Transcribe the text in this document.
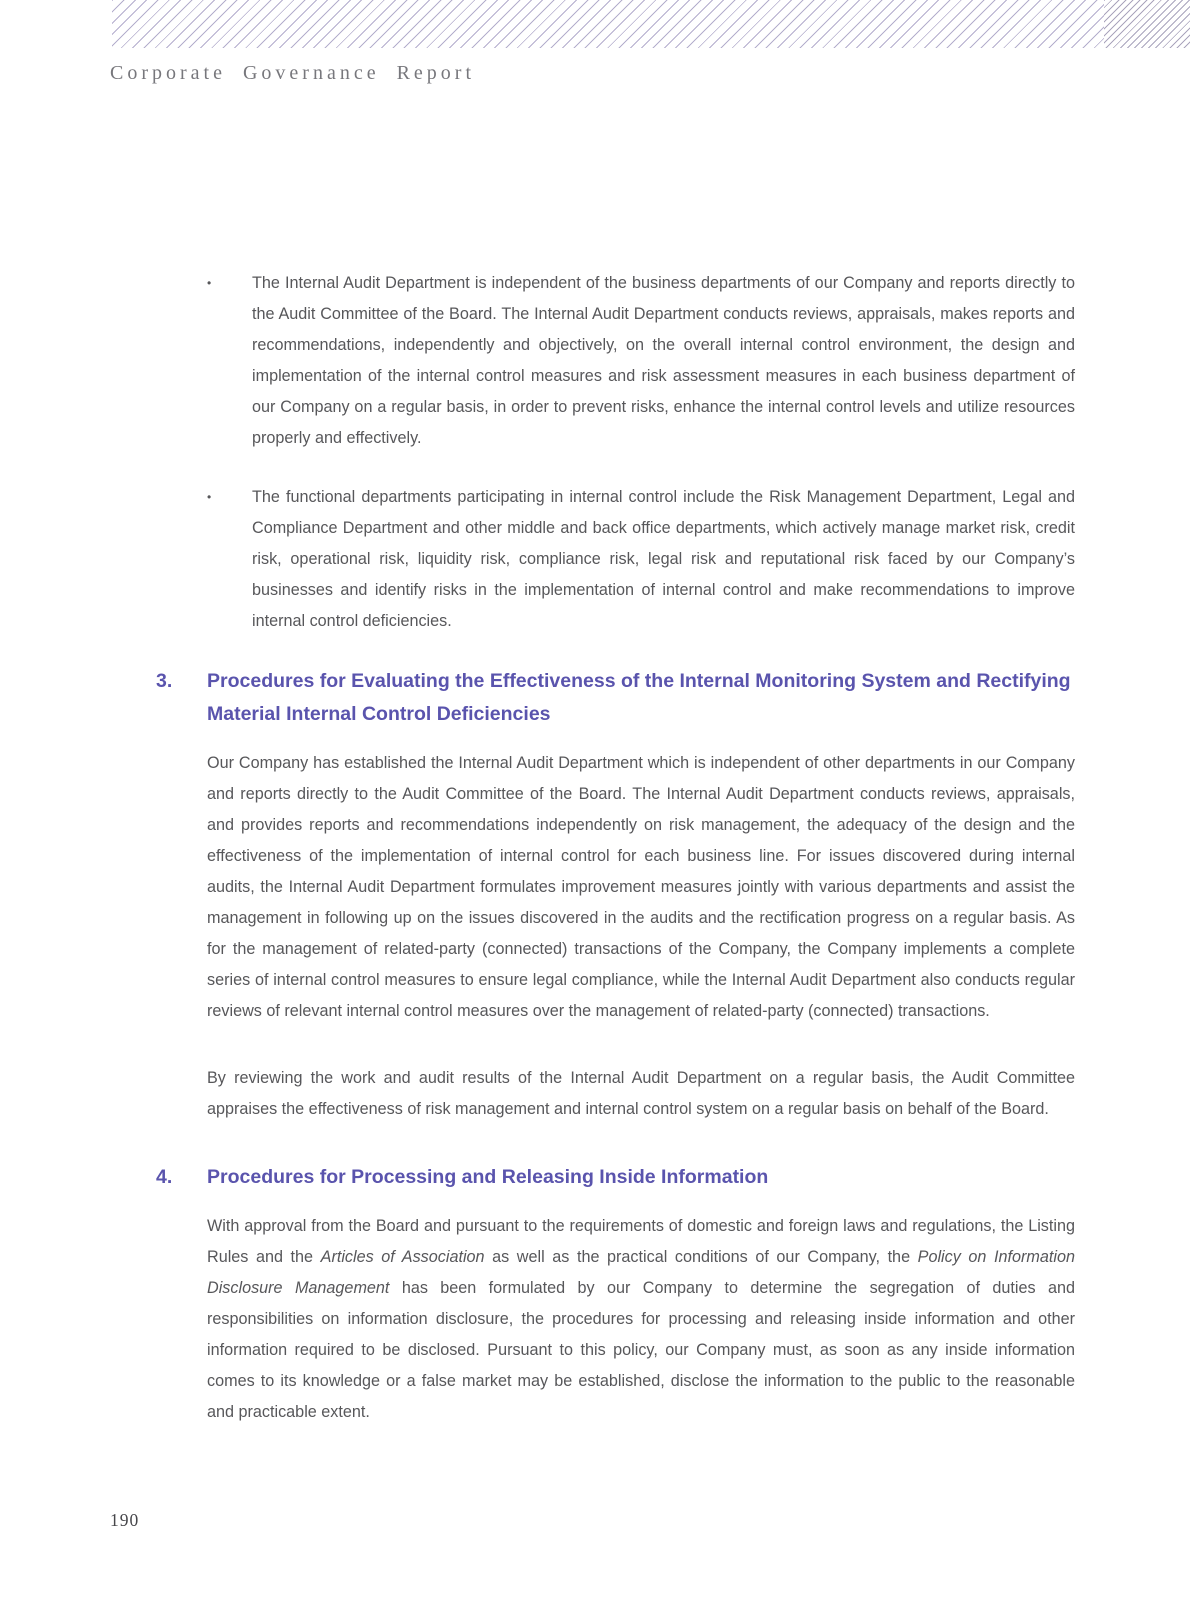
Corporate Governance Report
•	The Internal Audit Department is independent of the business departments of our Company and reports directly to the Audit Committee of the Board. The Internal Audit Department conducts reviews, appraisals, makes reports and recommendations, independently and objectively, on the overall internal control environment, the design and implementation of the internal control measures and risk assessment measures in each business department of our Company on a regular basis, in order to prevent risks, enhance the internal control levels and utilize resources properly and effectively.
•	The functional departments participating in internal control include the Risk Management Department, Legal and Compliance Department and other middle and back office departments, which actively manage market risk, credit risk, operational risk, liquidity risk, compliance risk, legal risk and reputational risk faced by our Company’s businesses and identify risks in the implementation of internal control and make recommendations to improve internal control deficiencies.
3.	Procedures for Evaluating the Effectiveness of the Internal Monitoring System and Rectifying Material Internal Control Deficiencies

Our Company has established the Internal Audit Department which is independent of other departments in our Company and reports directly to the Audit Committee of the Board. The Internal Audit Department conducts reviews, appraisals, and provides reports and recommendations independently on risk management, the adequacy of the design and the effectiveness of the implementation of internal control for each business line. For issues discovered during internal audits, the Internal Audit Department formulates improvement measures jointly with various departments and assist the management in following up on the issues discovered in the audits and the rectification progress on a regular basis. As for the management of related-party (connected) transactions of the Company, the Company implements a complete series of internal control measures to ensure legal compliance, while the Internal Audit Department also conducts regular reviews of relevant internal control measures over the management of related-party (connected) transactions.

By reviewing the work and audit results of the Internal Audit Department on a regular basis, the Audit Committee appraises the effectiveness of risk management and internal control system on a regular basis on behalf of the Board.

4.	Procedures for Processing and Releasing Inside Information

With approval from the Board and pursuant to the requirements of domestic and foreign laws and regulations, the Listing Rules and the Articles of Association as well as the practical conditions of our Company, the Policy on Information Disclosure Management has been formulated by our Company to determine the segregation of duties and responsibilities on information disclosure, the procedures for processing and releasing inside information and other information required to be disclosed. Pursuant to this policy, our Company must, as soon as any inside information comes to its knowledge or a false market may be established, disclose the information to the public to the reasonable and practicable extent.

190
